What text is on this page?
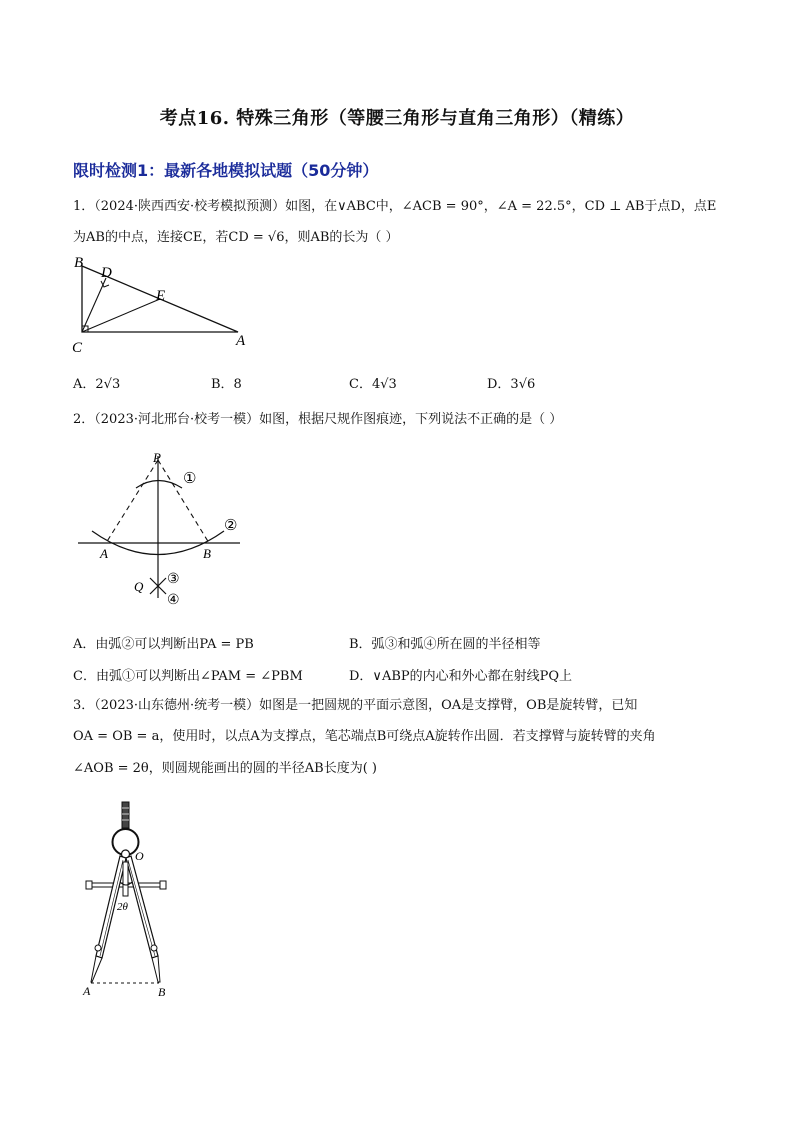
考点16. 特殊三角形（等腰三角形与直角三角形）（精练）
限时检测1：最新各地模拟试题（50分钟）
1．（2024·陕西西安·校考模拟预测）如图，在∨ABC中，∠ACB = 90°，∠A = 22.5°，CD ⊥ AB于点D，点E
为AB的中点，连接CE，若CD = √6，则AB的长为（ ）
B
D
E
C	A
A．2√3	B．8	C．4√3	D．3√6
2．（2023·河北邢台·校考一模）如图，根据尺规作图痕迹，下列说法不正确的是（ ）
P
①
②
A	B
Q ③
④
A．由弧②可以判断出PA = PB	B．弧③和弧④所在圆的半径相等
C．由弧①可以判断出∠PAM = ∠PBM	D．∨ABP的内心和外心都在射线PQ上
3．（2023·山东德州·统考一模）如图是一把圆规的平面示意图，OA是支撑臂，OB是旋转臂，已知
OA = OB = a，使用时，以点A为支撑点，笔芯端点B可绕点A旋转作出圆．若支撑臂与旋转臂的夹角
∠AOB = 2θ，则圆规能画出的圆的半径AB长度为( )
O
2θ
A	B
